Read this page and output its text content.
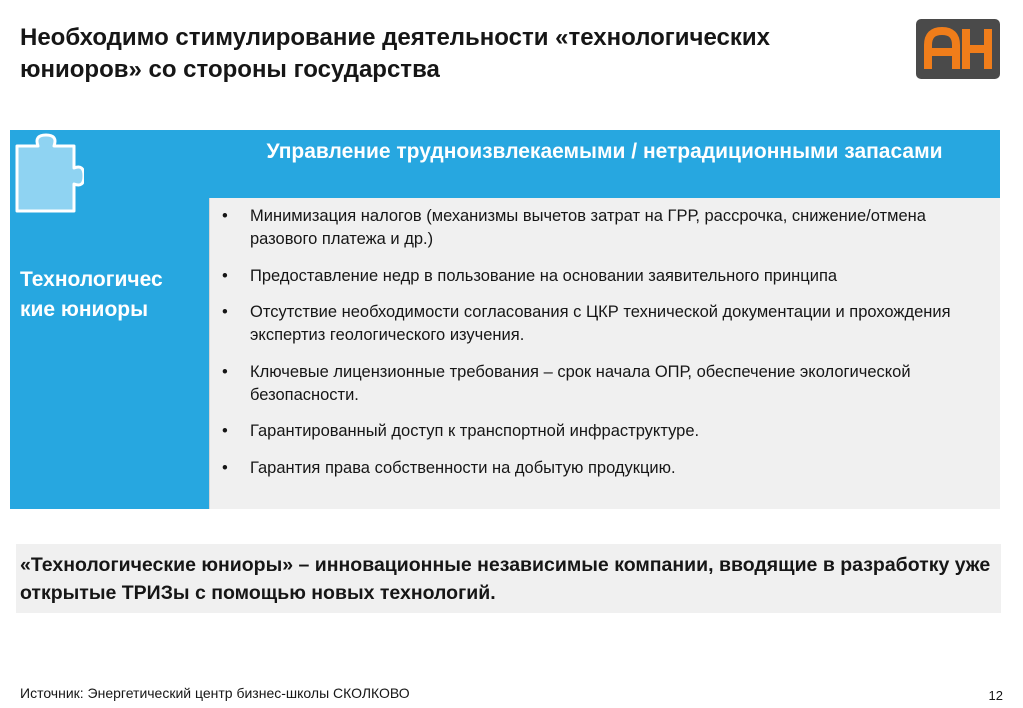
Необходимо стимулирование деятельности «технологических юниоров» со стороны государства
Технологичес кие юниоры
Управление трудноизвлекаемыми / нетрадиционными запасами
• Минимизация налогов (механизмы вычетов затрат на ГРР, рассрочка, снижение/отмена разового платежа и др.)
• Предоставление недр в пользование на основании заявительного принципа
• Отсутствие необходимости согласования с ЦКР технической документации и прохождения экспертиз геологического изучения.
• Ключевые лицензионные требования – срок начала ОПР, обеспечение экологической безопасности.
• Гарантированный доступ к транспортной инфраструктуре.
• Гарантия права собственности на добытую продукцию.
«Технологические юниоры» – инновационные независимые компании, вводящие в разработку уже открытые ТРИЗы с помощью новых технологий.
Источник: Энергетический центр бизнес-школы СКОЛКОВО	12
